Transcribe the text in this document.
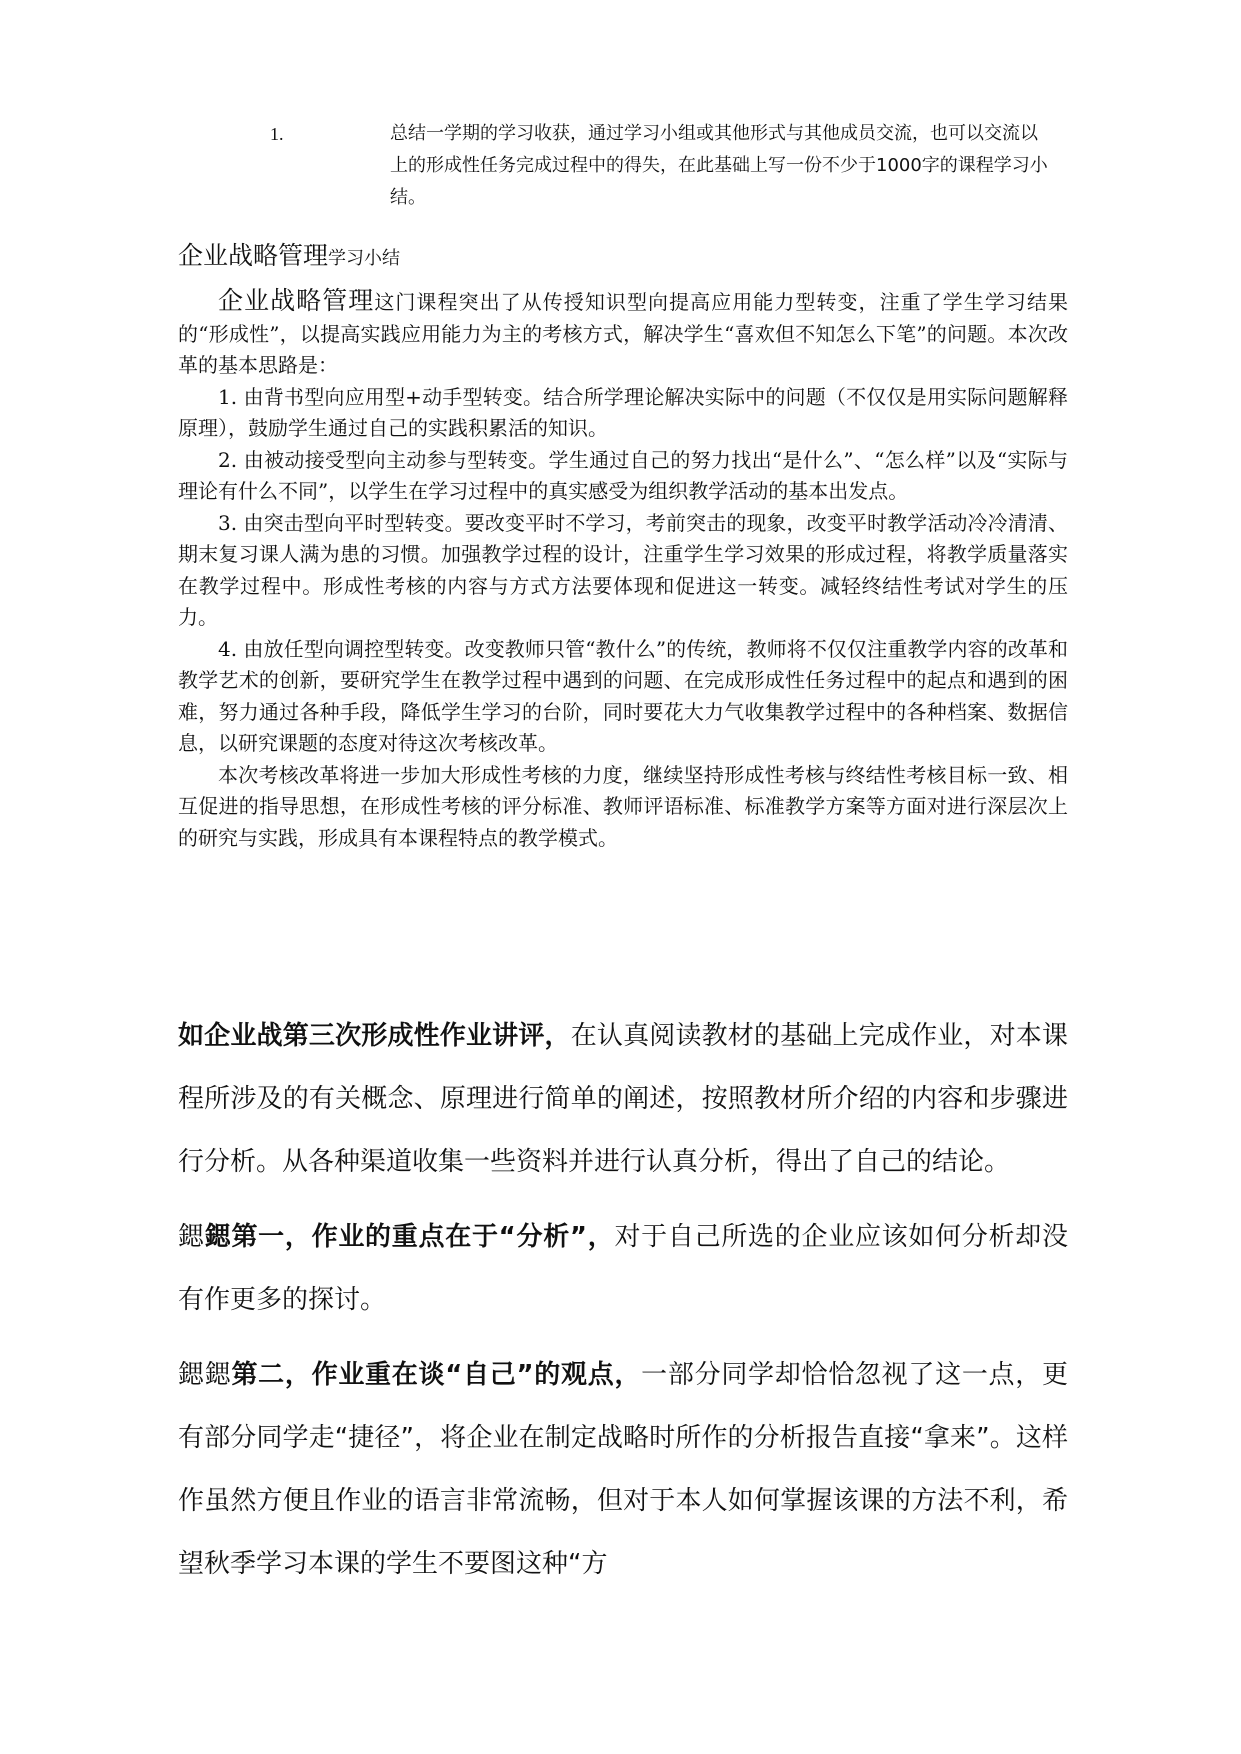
1.	总结一学期的学习收获，通过学习小组或其他形式与其他成员交流，也可以交流以上的形成性任务完成过程中的得失，在此基础上写一份不少于1000字的课程学习小结。
企业战略管理学习小结

企业战略管理这门课程突出了从传授知识型向提高应用能力型转变，注重了学生学习结果的“形成性”，以提高实践应用能力为主的考核方式，解决学生“喜欢但不知怎么下笔”的问题。本次改革的基本思路是：

1. 由背书型向应用型+动手型转变。结合所学理论解决实际中的问题（不仅仅是用实际问题解释原理），鼓励学生通过自己的实践积累活的知识。

2. 由被动接受型向主动参与型转变。学生通过自己的努力找出“是什么”、“怎么样”以及“实际与理论有什么不同”，以学生在学习过程中的真实感受为组织教学活动的基本出发点。

3. 由突击型向平时型转变。要改变平时不学习，考前突击的现象，改变平时教学活动冷冷清清、期末复习课人满为患的习惯。加强教学过程的设计，注重学生学习效果的形成过程，将教学质量落实在教学过程中。形成性考核的内容与方式方法要体现和促进这一转变。减轻终结性考试对学生的压力。

4. 由放任型向调控型转变。改变教师只管“教什么”的传统，教师将不仅仅注重教学内容的改革和教学艺术的创新，要研究学生在教学过程中遇到的问题、在完成形成性任务过程中的起点和遇到的困难，努力通过各种手段，降低学生学习的台阶，同时要花大力气收集教学过程中的各种档案、数据信息，以研究课题的态度对待这次考核改革。

本次考核改革将进一步加大形成性考核的力度，继续坚持形成性考核与终结性考核目标一致、相互促进的指导思想，在形成性考核的评分标准、教师评语标准、标准教学方案等方面对进行深层次上的研究与实践，形成具有本课程特点的教学模式。

如企业战第三次形成性作业讲评，在认真阅读教材的基础上完成作业，对本课程所涉及的有关概念、原理进行简单的阐述，按照教材所介绍的内容和步骤进行分析。从各种渠道收集一些资料并进行认真分析，得出了自己的结论。

鍶鍶第一，作业的重点在于“分析”，对于自己所选的企业应该如何分析却没有作更多的探讨。

鍶鍶第二，作业重在谈“自己”的观点，一部分同学却恰恰忽视了这一点，更有部分同学走“捷径”，将企业在制定战略时所作的分析报告直接“拿来”。这样作虽然方便且作业的语言非常流畅，但对于本人如何掌握该课的方法不利，希望秋季学习本课的学生不要图这种“方
